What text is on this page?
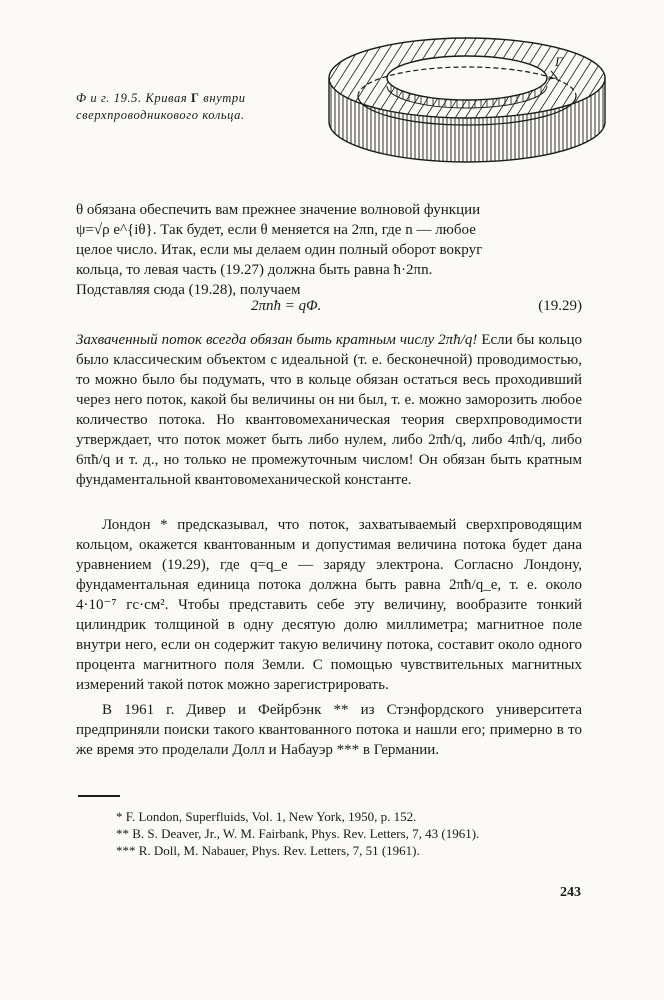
Ф и г. 19.5. Кривая Γ внутри сверхпроводникового кольца.
Γ

θ обязана обеспечить вам прежнее значение волновой функции

ψ=√ρ e^{iθ}. Так будет, если θ меняется на 2πn, где n — любое

целое число. Итак, если мы делаем один полный оборот вокруг

кольца, то левая часть (19.27) должна быть равна ħ·2πn.

Подставляя сюда (19.28), получаем

2πnħ = qΦ.	(19.29)

Захваченный поток всегда обязан быть кратным числу 2πħ/q! Если бы кольцо было классическим объектом с идеальной (т. е. бесконечной) проводимостью, то можно было бы подумать, что в кольце обязан остаться весь проходивший через него поток, какой бы величины он ни был, т. е. можно заморозить любое количество потока. Но квантовомеханическая теория сверхпроводимости утверждает, что поток может быть либо нулем, либо 2πħ/q, либо 4πħ/q, либо 6πħ/q и т. д., но только не промежуточным числом! Он обязан быть кратным фундаментальной квантовомеханической константе.

Лондон * предсказывал, что поток, захватываемый сверхпроводящим кольцом, окажется квантованным и допустимая величина потока будет дана уравнением (19.29), где q=q_e — заряду электрона. Согласно Лондону, фундаментальная единица потока должна быть равна 2πħ/q_e, т. е. около 4·10⁻⁷ гс·см². Чтобы представить себе эту величину, вообразите тонкий цилиндрик толщиной в одну десятую долю миллиметра; магнитное поле внутри него, если он содержит такую величину потока, составит около одного процента магнитного поля Земли. С помощью чувствительных магнитных измерений такой поток можно зарегистрировать.

В 1961 г. Дивер и Фейрбэнк ** из Стэнфордского университета предприняли поиски такого квантованного потока и нашли его; примерно в то же время это проделали Долл и Набауэр *** в Германии.

* F. London, Superfluids, Vol. 1, New York, 1950, p. 152.

** B. S. Deaver, Jr., W. M. Fairbank, Phys. Rev. Letters, 7, 43 (1961).

*** R. Doll, M. Nabauer, Phys. Rev. Letters, 7, 51 (1961).

243
